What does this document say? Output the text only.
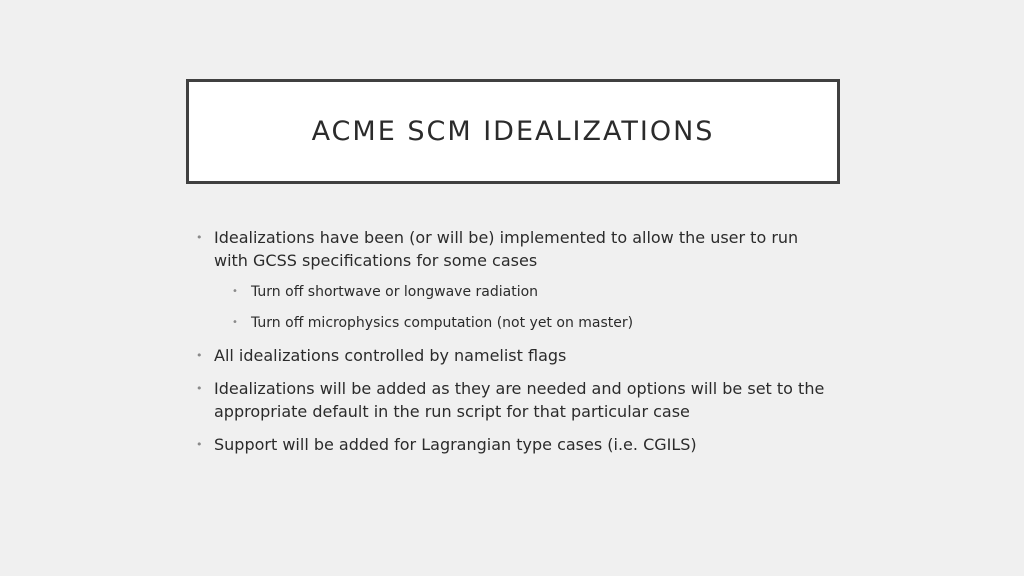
ACME SCM IDEALIZATIONS
• Idealizations have been (or will be) implemented to allow the user to run with GCSS specifications for some cases
• Turn off shortwave or longwave radiation
• Turn off microphysics computation (not yet on master)
• All idealizations controlled by namelist flags
• Idealizations will be added as they are needed and options will be set to the appropriate default in the run script for that particular case
• Support will be added for Lagrangian type cases (i.e. CGILS)
